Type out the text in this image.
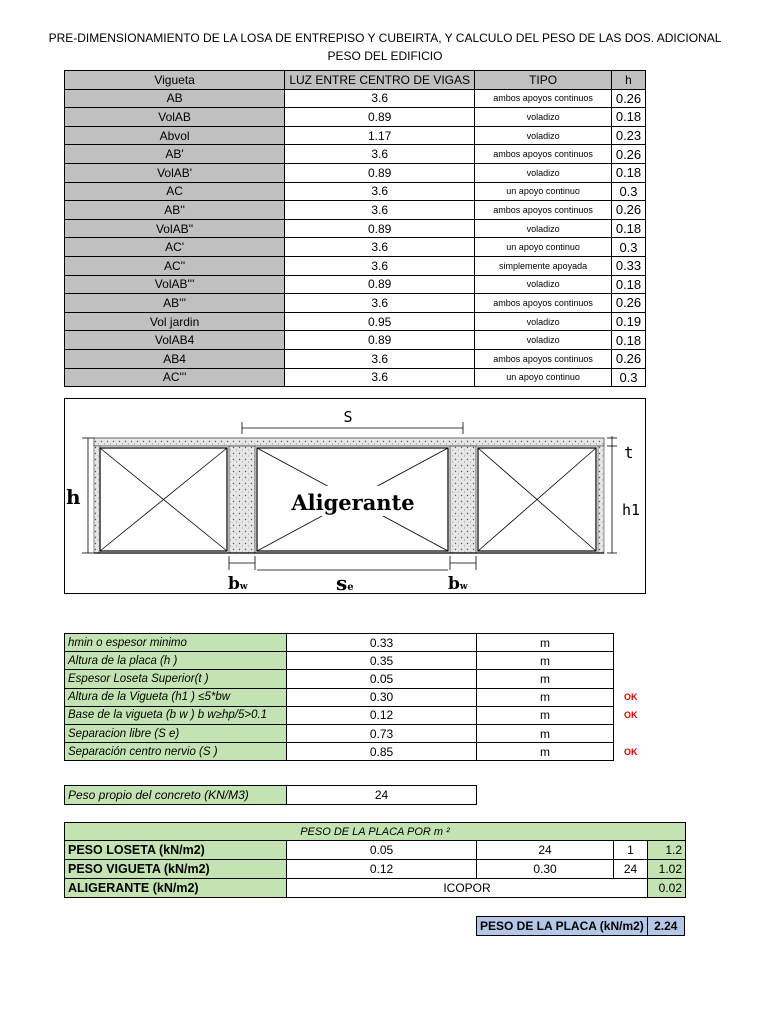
PRE-DIMENSIONAMIENTO DE LA LOSA DE ENTREPISO Y CUBEIRTA, Y CALCULO DEL PESO DE LAS DOS. ADICIONAL
PESO DEL EDIFICIO
Vigueta	LUZ ENTRE CENTRO DE VIGAS	TIPO	h
AB	3.6	ambos apoyos continuos	0.26
VolAB	0.89	voladizo	0.18
Abvol	1.17	voladizo	0.23
AB'	3.6	ambos apoyos continuos	0.26
VolAB'	0.89	voladizo	0.18
AC	3.6	un apoyo continuo	0.3
AB''	3.6	ambos apoyos continuos	0.26
VolAB''	0.89	voladizo	0.18
AC'	3.6	un apoyo continuo	0.3
AC''	3.6	simplemente apoyada	0.33
VolAB'''	0.89	voladizo	0.18
AB'''	3.6	ambos apoyos continuos	0.26
Vol jardin	0.95	voladizo	0.19
VolAB4	0.89	voladizo	0.18
AB4	3.6	ambos apoyos continuos	0.26
AC'''	3.6	un apoyo continuo	0.3
S
h
t
h1
bw	se	bw
Aligerante
hmin o espesor minimo	0.33	m	
Altura de la placa (h )	0.35	m	
Espesor Loseta Superior(t )	0.05	m	
Altura de la Vigueta (h1 ) ≤5*bw	0.30	m	OK
Base de la vigueta (b w ) b w≥hp/5>0.1	0.12	m	OK
Separacion libre (S e)	0.73	m	
Separación centro nervio (S )	0.85	m	OK
Peso propio del concreto (KN/M3)	24
PESO DE LA PLACA POR m ²				
PESO LOSETA (kN/m2)	0.05	24	1	1.2
PESO VIGUETA (kN/m2)	0.12	0.30	24	1.02
ALIGERANTE (kN/m2)	ICOPOR			0.02
PESO DE LA PLACA (kN/m2)	2.24
